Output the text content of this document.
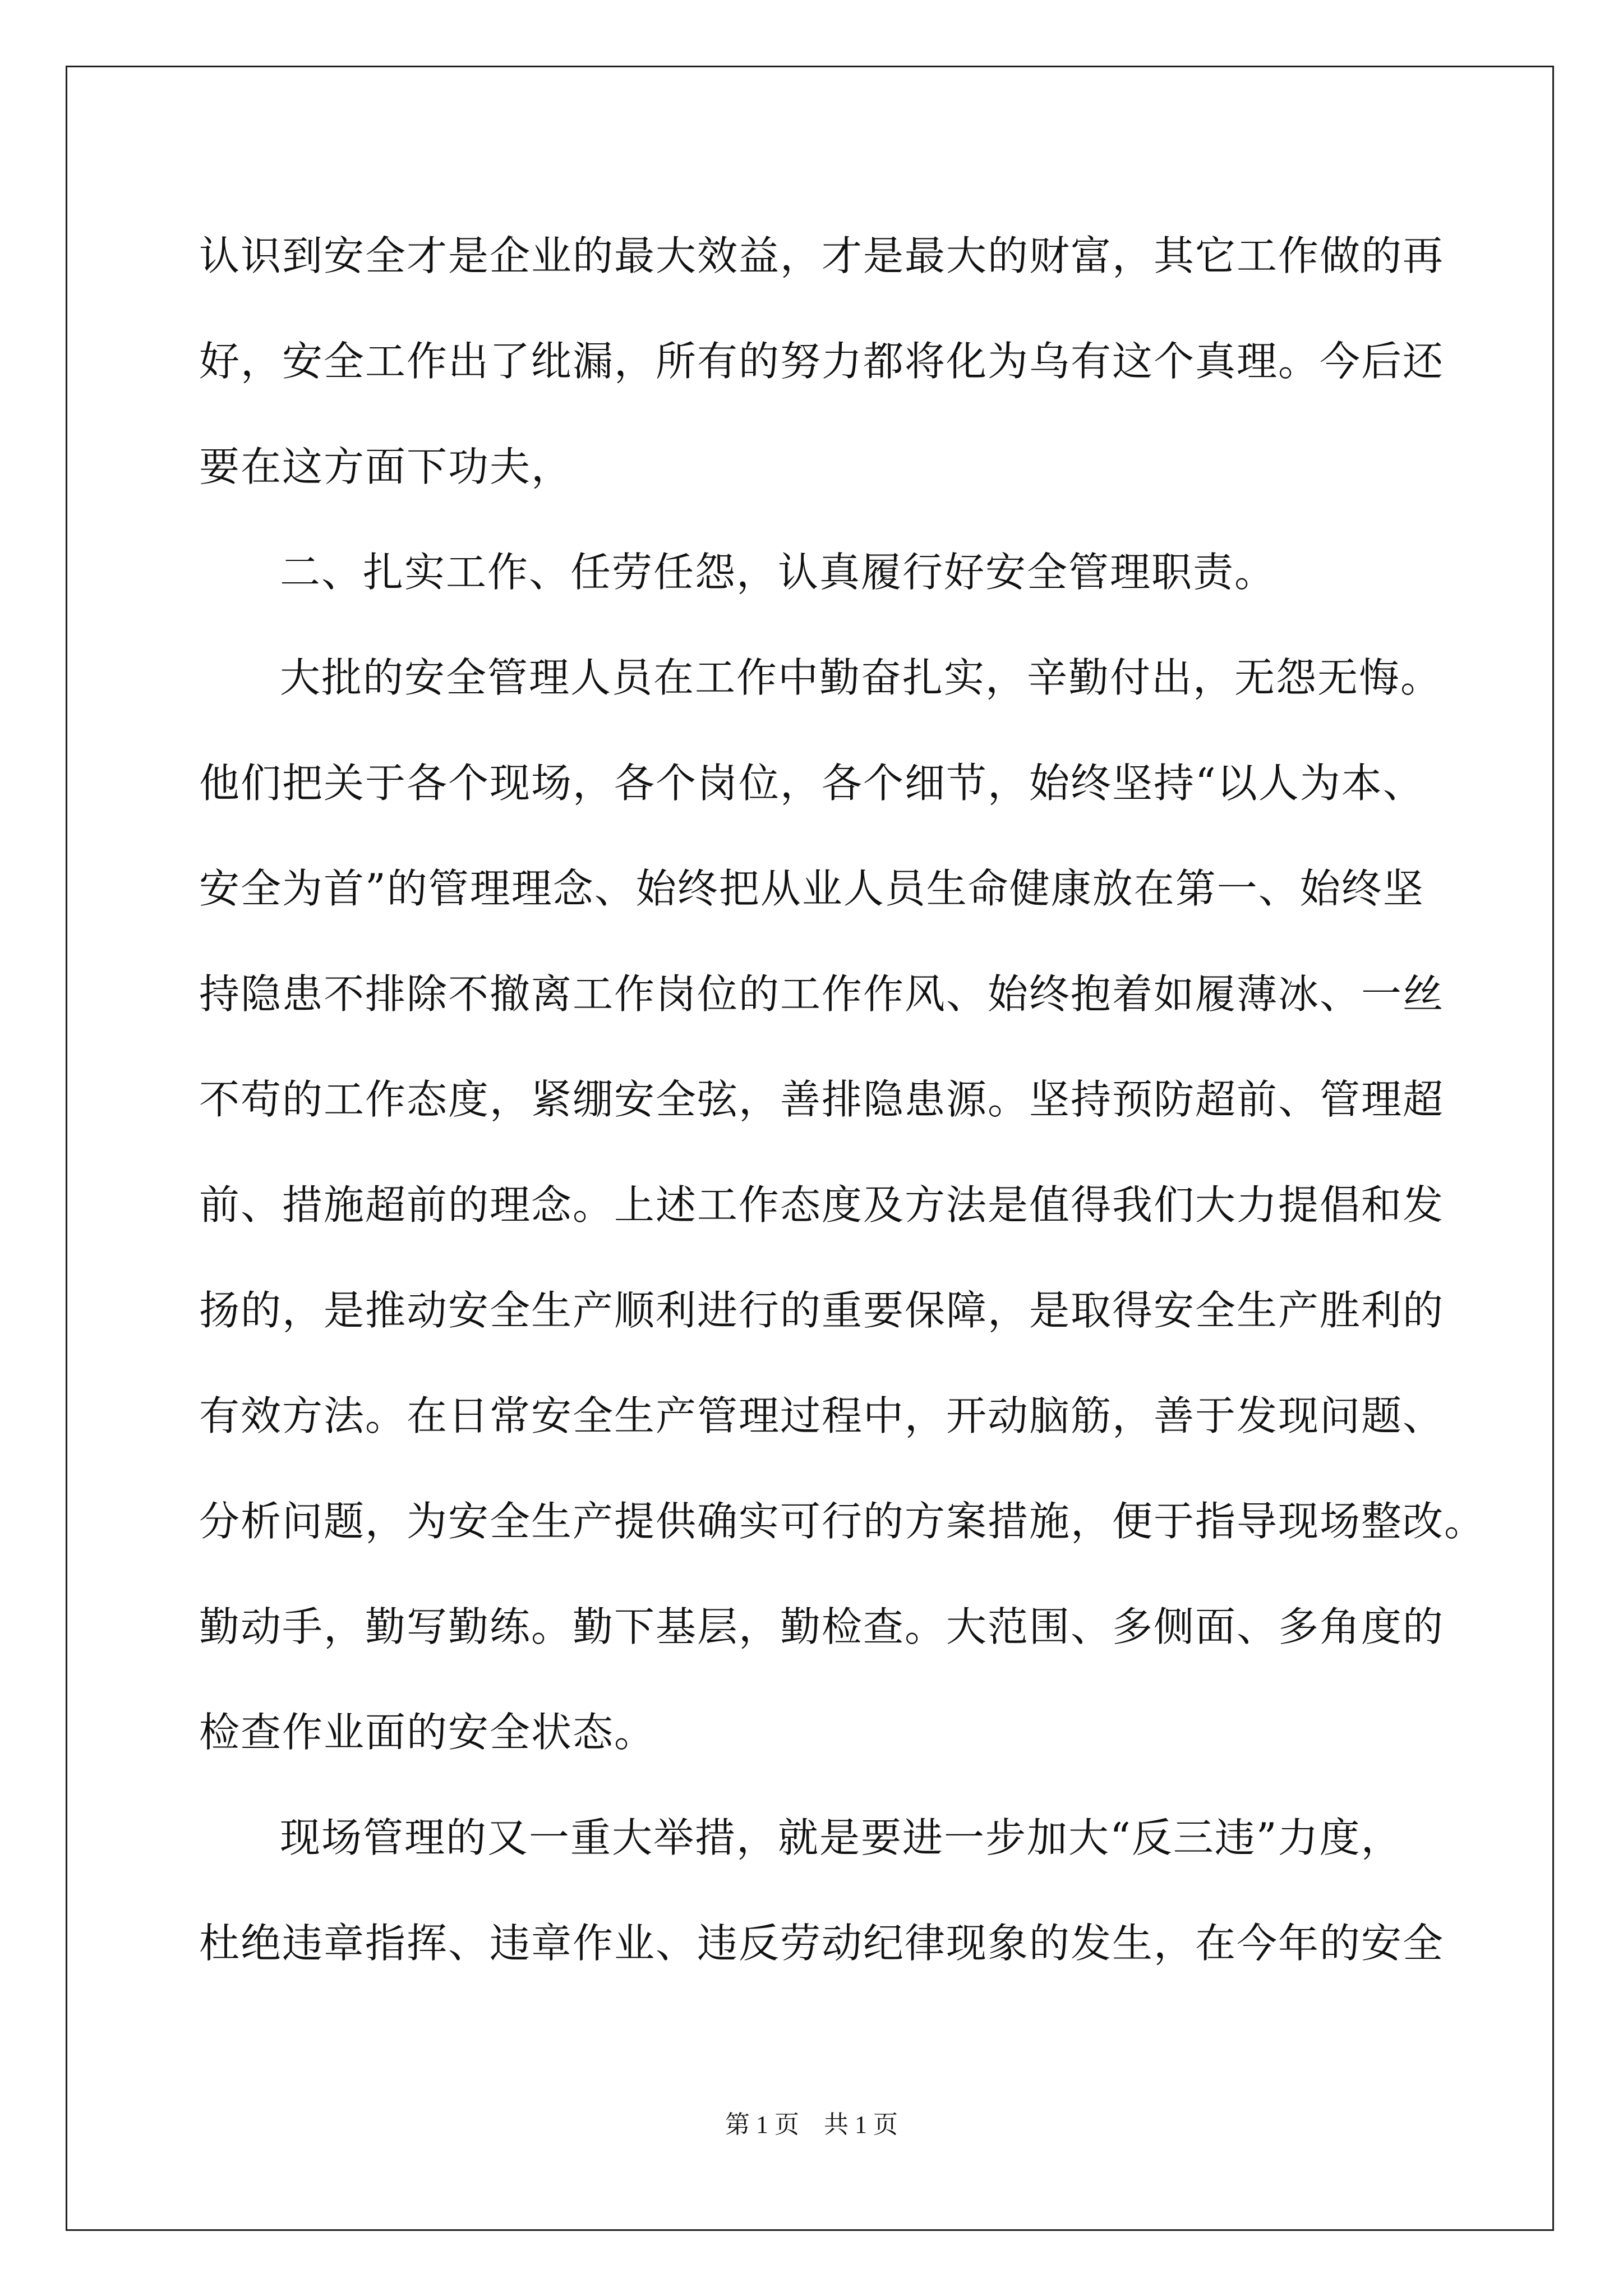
认识到安全才是企业的最大效益，才是最大的财富，其它工作做的再
好，安全工作出了纰漏，所有的努力都将化为乌有这个真理。今后还
要在这方面下功夫，
二、扎实工作、任劳任怨，认真履行好安全管理职责。
大批的安全管理人员在工作中勤奋扎实，辛勤付出，无怨无悔。
他们把关于各个现场，各个岗位，各个细节，始终坚持“以人为本、
安全为首”的管理理念、始终把从业人员生命健康放在第一、始终坚
持隐患不排除不撤离工作岗位的工作作风、始终抱着如履薄冰、一丝
不苟的工作态度，紧绷安全弦，善排隐患源。坚持预防超前、管理超
前、措施超前的理念。上述工作态度及方法是值得我们大力提倡和发
扬的，是推动安全生产顺利进行的重要保障，是取得安全生产胜利的
有效方法。在日常安全生产管理过程中，开动脑筋，善于发现问题、
分析问题，为安全生产提供确实可行的方案措施，便于指导现场整改。
勤动手，勤写勤练。勤下基层，勤检查。大范围、多侧面、多角度的
检查作业面的安全状态。
现场管理的又一重大举措，就是要进一步加大“反三违”力度，
杜绝违章指挥、违章作业、违反劳动纪律现象的发生，在今年的安全
第 1 页　共 1 页
